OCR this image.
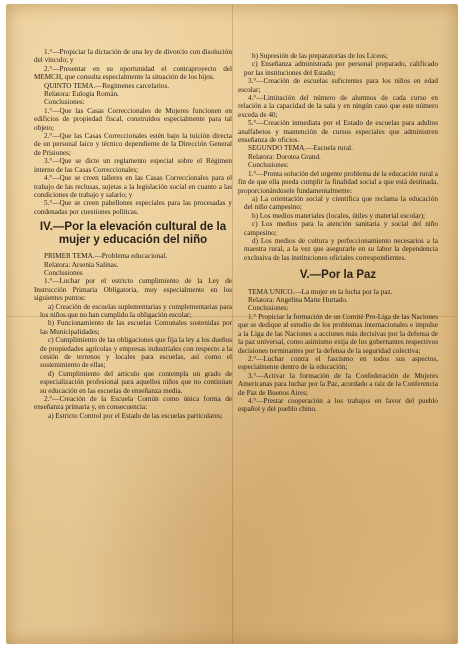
1.°—Propiciar la dictación de una ley de divorcio con disolución del vínculo; y

2.°—Presentar en su oportunidad el contraproyecto del MEMCH, que consulta especialmente la situación de los hijos.

QUINTO TEMA.—Regímenes carcelarios.

Relatora: Eulogia Román.

Conclusiones:

1.°—Que las Casas Correccionales de Mujeres funcionen en edificios de propiedad fiscal, construídos especialmente para tal objeto;

2.°—Que las Casas Correccionales estén bajo la tuición directa de un personal laico y técnico dependiente de la Dirección General de Prisiones;

3.°—Que se dicte un reglamento especial sobre el Régimen interno de las Casas Correccionales;

4.°—Que se creen talleres en las Casas Correccionales para el trabajo de las reclusas, sujetas a la legislación social en cuanto a las condiciones de trabajo y salario; y

5.°—Que se creen pabellones especiales para las procesadas y condenadas por cuestiones políticas.

IV.—Por la elevación cultural de la mujer y educación del niño

PRIMER TEMA.—Problema educacional.

Relatora: Arsenia Salinas.

Conclusiones

1.°—Luchar por el estricto cumplimiento de la Ley de Instrucción Primaria Obligatoria, muy especialmente en los siguientes puntos:

a) Creación de escuelas suplementarias y complementarias para los niños que no han cumplido la obligación escolar;

b) Funcionamiento de las escuelas Comunales sostenidas por las Municipalidades;

c) Cumplimiento de las obligaciones que fija la ley a los dueños de propiedades agrícolas y empresas industriales con respecto a la cesión de terrenos y locales para escuelas, así como el sostenimiento de ellas;

d) Cumplimiento del artículo que contempla un grado de especialización profesional para aquellos niños que no continúan su educación en las escuelas de enseñanza media.

2.°—Creación de la Escuela Común como única forma de enseñanza primaria y, en consecuencia:

a) Estricto Control por el Estado de las escuelas particulares;

b) Supresión de las preparatorias de los Liceos;

c) Enseñanza administrada por personal preparado, calificado por las instituciones del Estado;

3.°—Creación de escuelas suficientes para los niños en edad escolar;

4.°—Limitación del número de alumnos de cada curso en relación a la capacidad de la sala y en ningún caso que este número exceda de 40;

5.°—Creación inmediata por el Estado de escuelas para adultos analfabetos y mantención de cursos especiales que administren enseñanza de oficios.

SEGUNDO TEMA.—Escuela rural.

Relatora: Dorotea Grand.

Conclusiones:

1.°—Pronta solución del urgente problema de la educación rural a fin de que ella pueda cumplir la finalidad social a que está destinada, proporcionándosele fundamentalmente:

a) La orientación social y científica que reclama la educación del niño campesino;

b) Los medios materiales (locales, útiles y material escolar);

c) Los medios para la atención sanitaria y social del niño campesino;

d) Los medios de cultura y perfeccionamiento necesarios a la maestra rural, a la vez que asegurarle en su labor la dependencia exclusiva de las instituciones oficiales correspondientes.

V.—Por la Paz

TEMA UNICO.—La mujer en la lucha por la paz.

Relatora: Angelina Matte Hurtado.

Conclusiones:

1.° Propiciar la formación de un Comité Pro-Liga de las Naciones que se dedique al estudio de los problemas internacionales e impulse a la Liga de las Naciones a acciones más decisivas por la defensa de la paz universal, como asimismo exija de los gobernantes respectivos decisiones terminantes por la defensa de la seguridad colectiva;

2.°—Luchar contra el fascismo en todos sus aspectos, especialmente dentro de la educación;

3.°—Activar la formación de la Confederación de Mujeres Americanas para luchar por la Paz, acordado a raíz de la Conferencia de Paz de Buenos Aires;

4.°—Prestar cooperación a los trabajos en favor del pueblo español y del pueblo chino.
